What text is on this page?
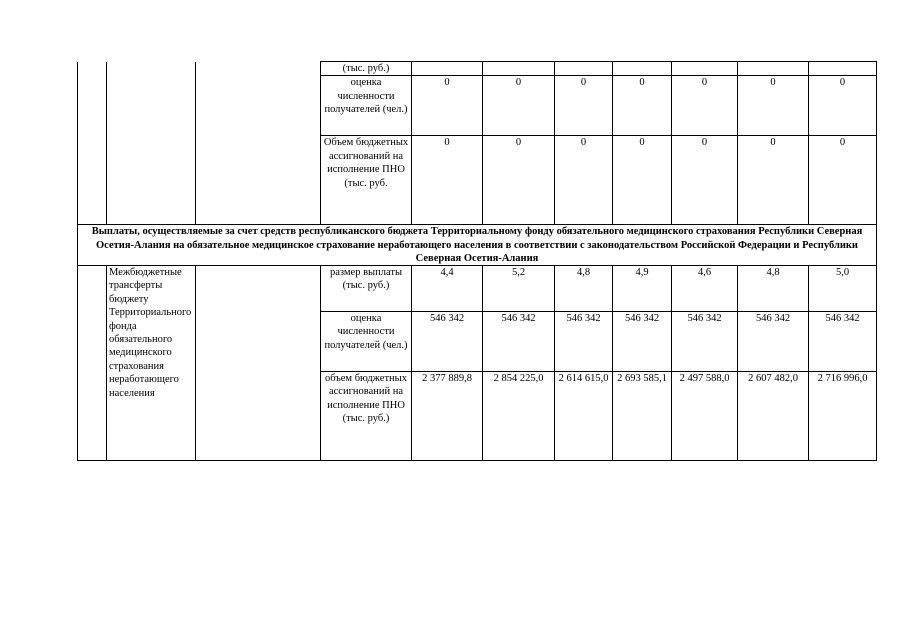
			(тыс. руб.)							
			оценка численности получателей (чел.)	0	0	0	0	0	0	0
			Объем бюджетных ассигнований на исполнение ПНО (тыс. руб.	0	0	0	0	0	0	0
Выплаты, осуществляемые за счет средств республиканского бюджета Территориальному фонду обязательного медицинского страхования Республики Северная Осетия-Алания на обязательное медицинское страхование неработающего населения в соответствии с законодательством Российской Федерации и Республики Северная Осетия-Алания										
	Межбюджетные трансферты бюджету Территориального фонда обязательного медицинского страхования неработающего населения		размер выплаты (тыс. руб.)	4,4	5,2	4,8	4,9	4,6	4,8	5,0
			оценка численности получателей (чел.)	546 342	546 342	546 342	546 342	546 342	546 342	546 342
			объем бюджетных ассигнований на исполнение ПНО (тыс. руб.)	2 377 889,8	2 854 225,0	2 614 615,0	2 693 585,1	2 497 588,0	2 607 482,0	2 716 996,0
